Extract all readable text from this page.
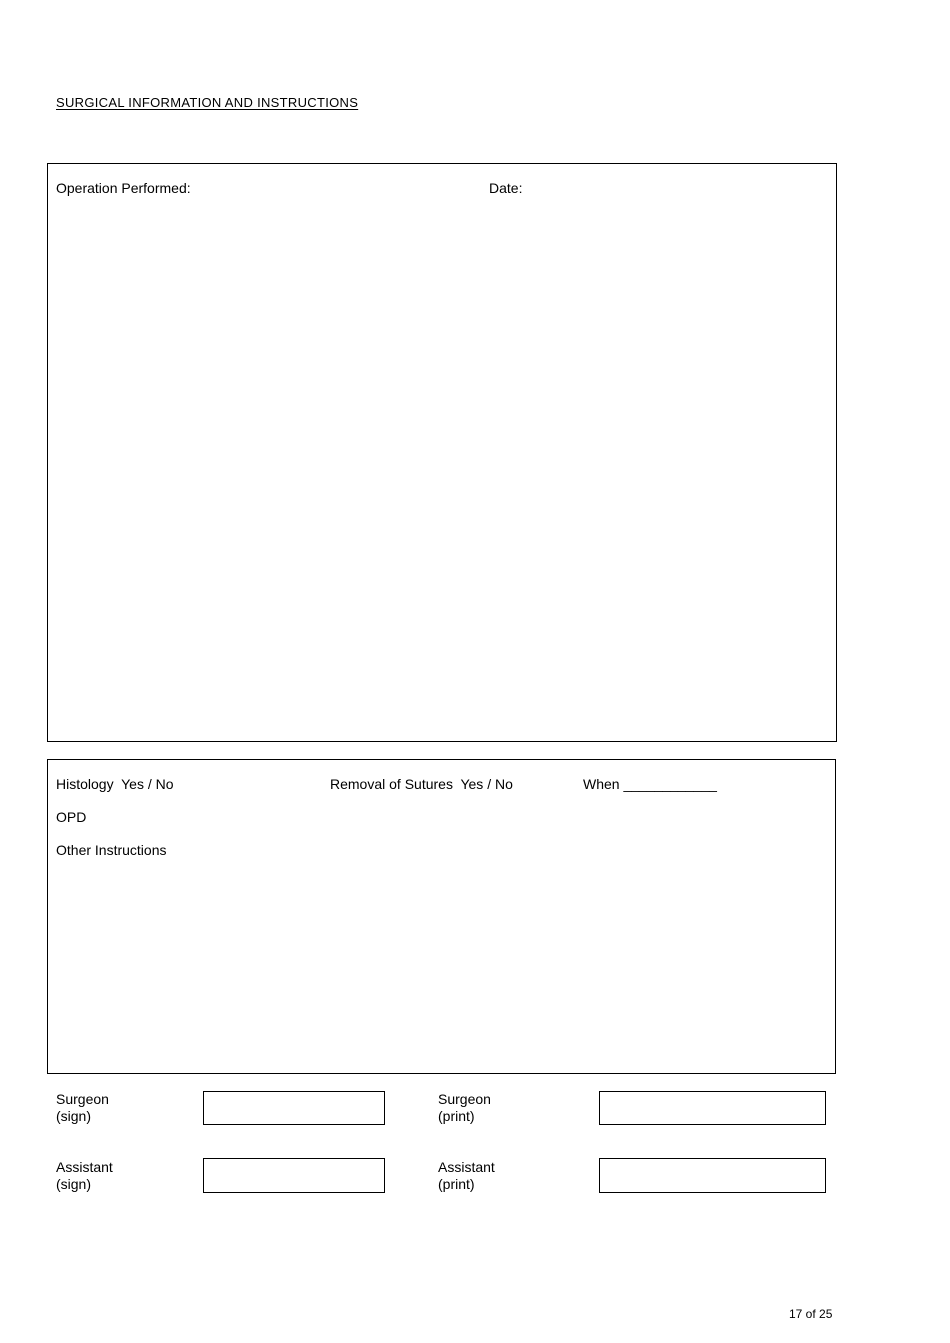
SURGICAL INFORMATION AND INSTRUCTIONS
Operation Performed:	Date:
Histology  Yes / No	Removal of Sutures  Yes / No	When ____________
OPD
Other Instructions
Surgeon
(sign)
Surgeon
(print)
Assistant
(sign)
Assistant
(print)
17 of 25
